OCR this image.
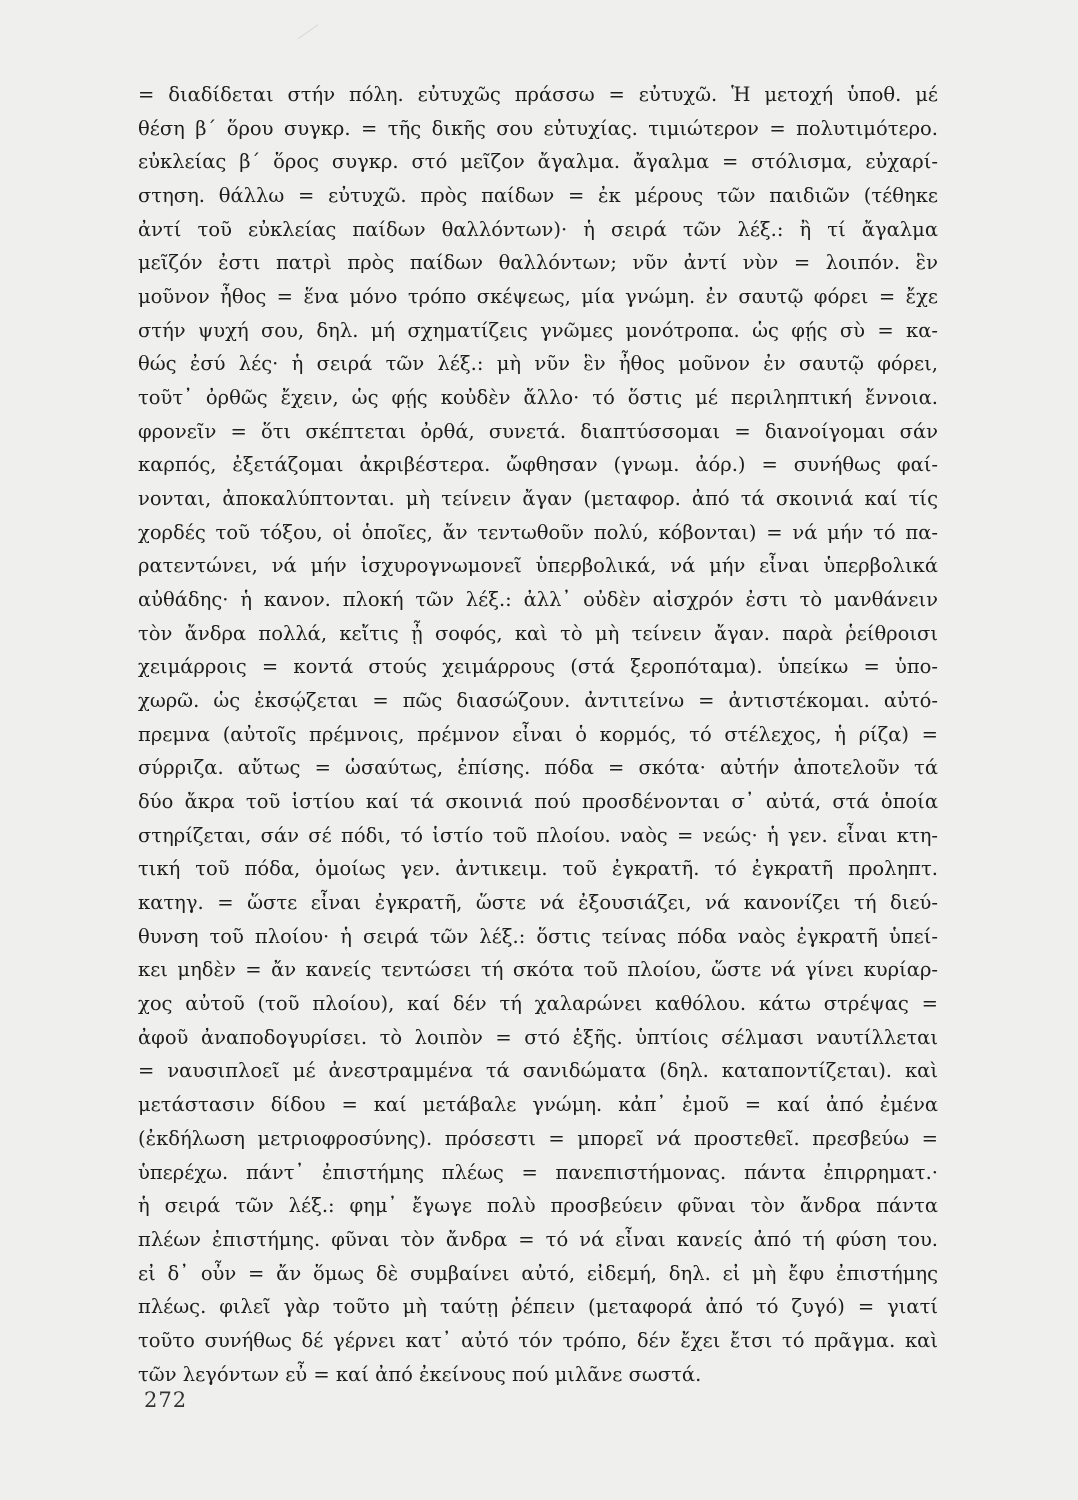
= διαδίδεται στήν πόλη. εὐτυχῶς πράσσω = εὐτυχῶ. Ἡ μετοχή ὑποθ. μέ
θέση β΄ ὅρου συγκρ. = τῆς δικῆς σου εὐτυχίας. τιμιώτερον = πολυτιμότερο.
εὐκλείας β΄ ὅρος συγκρ. στό μεῖζον ἄγαλμα. ἄγαλμα = στόλισμα, εὐχαρί-
στηση. θάλλω = εὐτυχῶ. πρὸς παίδων = ἐκ μέρους τῶν παιδιῶν (τέθηκε
ἀντί τοῦ εὐκλείας παίδων θαλλόντων)· ἡ σειρά τῶν λέξ.: ἢ τί ἄγαλμα
μεῖζόν ἐστι πατρὶ πρὸς παίδων θαλλόντων; νῦν ἀντί νὺν = λοιπόν. ἓν
μοῦνον ἦθος = ἕνα μόνο τρόπο σκέψεως, μία γνώμη. ἐν σαυτῷ φόρει = ἔχε
στήν ψυχή σου, δηλ. μή σχηματίζεις γνῶμες μονότροπα. ὡς φῄς σὺ = κα-
θώς ἐσύ λές· ἡ σειρά τῶν λέξ.: μὴ νῦν ἓν ἦθος μοῦνον ἐν σαυτῷ φόρει,
τοῦτ᾽ ὀρθῶς ἔχειν, ὡς φῄς κοὐδὲν ἄλλο· τό ὅστις μέ περιληπτική ἔννοια.
φρονεῖν = ὅτι σκέπτεται ὀρθά, συνετά. διαπτύσσομαι = διανοίγομαι σάν
καρπός, ἐξετάζομαι ἀκριβέστερα. ὤφθησαν (γνωμ. ἀόρ.) = συνήθως φαί-
νονται, ἀποκαλύπτονται. μὴ τείνειν ἄγαν (μεταφορ. ἀπό τά σκοινιά καί τίς
χορδές τοῦ τόξου, οἱ ὁποῖες, ἄν τεντωθοῦν πολύ, κόβονται) = νά μήν τό πα-
ρατεντώνει, νά μήν ἰσχυρογνωμονεῖ ὑπερβολικά, νά μήν εἶναι ὑπερβολικά
αὐθάδης· ἡ κανον. πλοκή τῶν λέξ.: ἀλλ᾽ οὐδὲν αἰσχρόν ἐστι τὸ μανθάνειν
τὸν ἄνδρα πολλά, κεἴτις ᾖ σοφός, καὶ τὸ μὴ τείνειν ἄγαν. παρὰ ῥείθροισι
χειμάρροις = κοντά στούς χειμάρρους (στά ξεροπόταμα). ὑπείκω = ὑπο-
χωρῶ. ὡς ἐκσῴζεται = πῶς διασώζουν. ἀντιτείνω = ἀντιστέκομαι. αὐτό-
πρεμνα (αὐτοῖς πρέμνοις, πρέμνον εἶναι ὁ κορμός, τό στέλεχος, ἡ ρίζα) =
σύρριζα. αὔτως = ὡσαύτως, ἐπίσης. πόδα = σκότα· αὐτήν ἀποτελοῦν τά
δύο ἄκρα τοῦ ἱστίου καί τά σκοινιά πού προσδένονται σ᾽ αὐτά, στά ὁποία
στηρίζεται, σάν σέ πόδι, τό ἱστίο τοῦ πλοίου. ναὸς = νεώς· ἡ γεν. εἶναι κτη-
τική τοῦ πόδα, ὁμοίως γεν. ἀντικειμ. τοῦ ἐγκρατῆ. τό ἐγκρατῆ προληπτ.
κατηγ. = ὥστε εἶναι ἐγκρατῆ, ὥστε νά ἐξουσιάζει, νά κανονίζει τή διεύ-
θυνση τοῦ πλοίου· ἡ σειρά τῶν λέξ.: ὅστις τείνας πόδα ναὸς ἐγκρατῆ ὑπεί-
κει μηδὲν = ἄν κανείς τεντώσει τή σκότα τοῦ πλοίου, ὥστε νά γίνει κυρίαρ-
χος αὐτοῦ (τοῦ πλοίου), καί δέν τή χαλαρώνει καθόλου. κάτω στρέψας =
ἀφοῦ ἀναποδογυρίσει. τὸ λοιπὸν = στό ἑξῆς. ὑπτίοις σέλμασι ναυτίλλεται
= ναυσιπλοεῖ μέ ἀνεστραμμένα τά σανιδώματα (δηλ. καταποντίζεται). καὶ
μετάστασιν δίδου = καί μετάβαλε γνώμη. κἀπ᾽ ἐμοῦ = καί ἀπό ἐμένα
(ἐκδήλωση μετριοφροσύνης). πρόσεστι = μπορεῖ νά προστεθεῖ. πρεσβεύω =
ὑπερέχω. πάντ᾽ ἐπιστήμης πλέως = πανεπιστήμονας. πάντα ἐπιρρηματ.·
ἡ σειρά τῶν λέξ.: φημ᾽ ἔγωγε πολὺ προσβεύειν φῦναι τὸν ἄνδρα πάντα
πλέων ἐπιστήμης. φῦναι τὸν ἄνδρα = τό νά εἶναι κανείς ἀπό τή φύση του.
εἰ δ᾽ οὖν = ἄν ὅμως δὲ συμβαίνει αὐτό, εἰδεμή, δηλ. εἰ μὴ ἔφυ ἐπιστήμης
πλέως. φιλεῖ γὰρ τοῦτο μὴ ταύτῃ ῥέπειν (μεταφορά ἀπό τό ζυγό) = γιατί
τοῦτο συνήθως δέ γέρνει κατ᾽ αὐτό τόν τρόπο, δέν ἔχει ἔτσι τό πρᾶγμα. καὶ
τῶν λεγόντων εὖ = καί ἀπό ἐκείνους πού μιλᾶνε σωστά.
272
